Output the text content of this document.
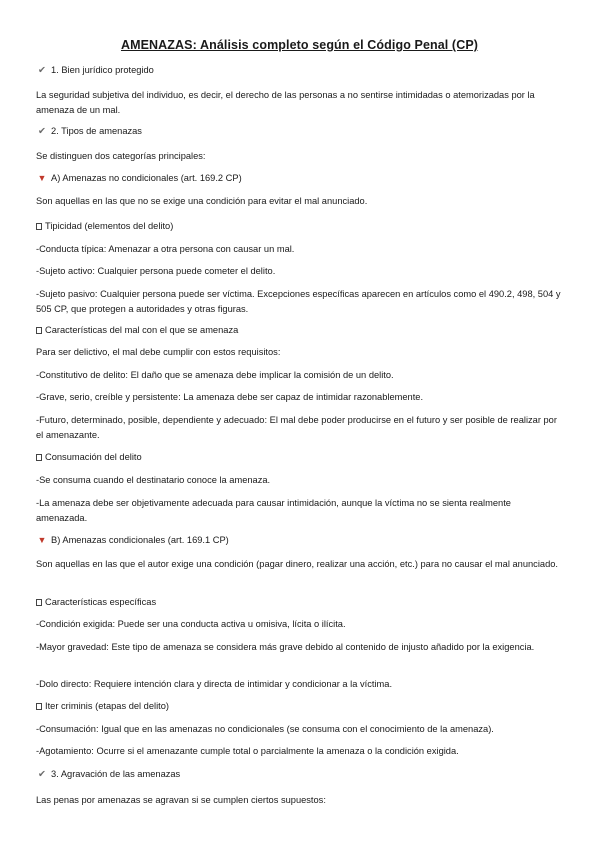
AMENAZAS: Análisis completo según el Código Penal (CP)
✔ 1. Bien jurídico protegido
La seguridad subjetiva del individuo, es decir, el derecho de las personas a no sentirse intimidadas o atemorizadas por la amenaza de un mal.
✔ 2. Tipos de amenazas
Se distinguen dos categorías principales:
▼ A) Amenazas no condicionales (art. 169.2 CP)
Son aquellas en las que no se exige una condición para evitar el mal anunciado.
Tipicidad (elementos del delito)
-Conducta típica: Amenazar a otra persona con causar un mal.
-Sujeto activo: Cualquier persona puede cometer el delito.
-Sujeto pasivo: Cualquier persona puede ser víctima. Excepciones específicas aparecen en artículos como el 490.2, 498, 504 y 505 CP, que protegen a autoridades y otras figuras.
Características del mal con el que se amenaza
Para ser delictivo, el mal debe cumplir con estos requisitos:
-Constitutivo de delito: El daño que se amenaza debe implicar la comisión de un delito.
-Grave, serio, creíble y persistente: La amenaza debe ser capaz de intimidar razonablemente.
-Futuro, determinado, posible, dependiente y adecuado: El mal debe poder producirse en el futuro y ser posible de realizar por el amenazante.
Consumación del delito
-Se consuma cuando el destinatario conoce la amenaza.
-La amenaza debe ser objetivamente adecuada para causar intimidación, aunque la víctima no se sienta realmente amenazada.
▼ B) Amenazas condicionales (art. 169.1 CP)
Son aquellas en las que el autor exige una condición (pagar dinero, realizar una acción, etc.) para no causar el mal anunciado.
Características específicas
-Condición exigida: Puede ser una conducta activa u omisiva, lícita o ilícita.
-Mayor gravedad: Este tipo de amenaza se considera más grave debido al contenido de injusto añadido por la exigencia.
-Dolo directo: Requiere intención clara y directa de intimidar y condicionar a la víctima.
Iter criminis (etapas del delito)
-Consumación: Igual que en las amenazas no condicionales (se consuma con el conocimiento de la amenaza).
-Agotamiento: Ocurre si el amenazante cumple total o parcialmente la amenaza o la condición exigida.
✔ 3. Agravación de las amenazas
Las penas por amenazas se agravan si se cumplen ciertos supuestos:
